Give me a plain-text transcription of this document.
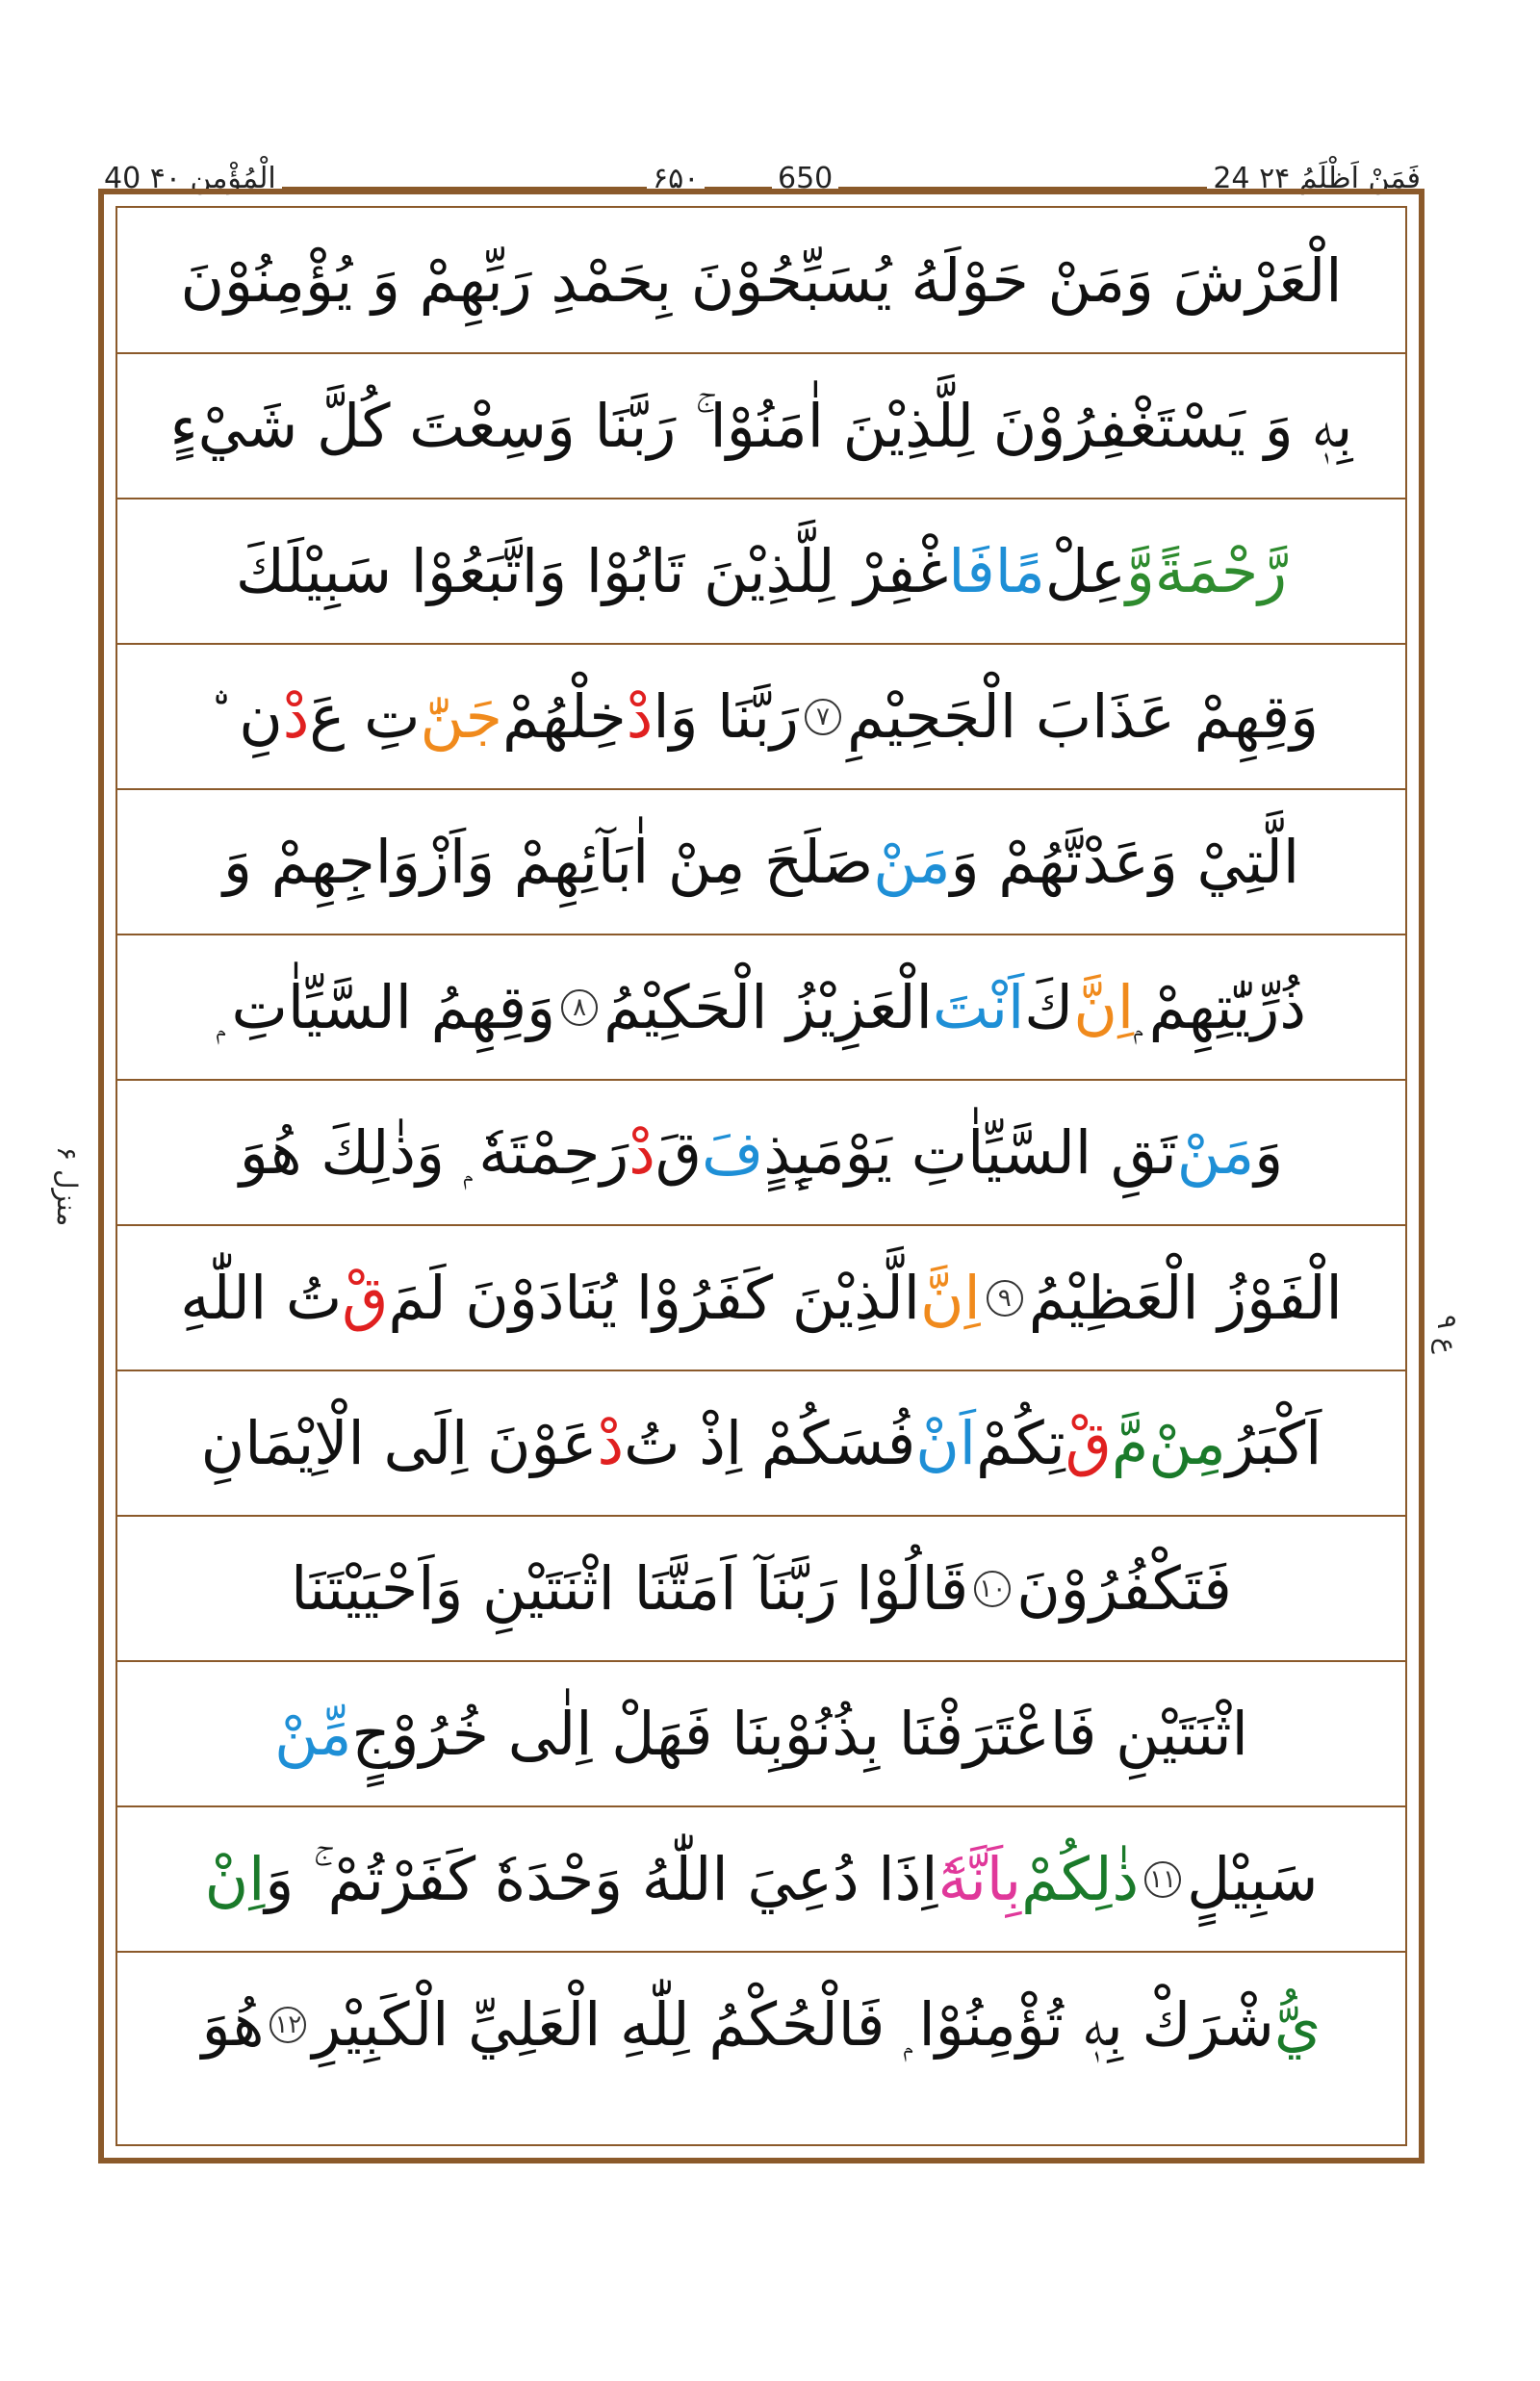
24 فَمَنْ اَظْلَمُ ۲۴
۶۵۰	650
40 الْمُؤْمِن ۴۰
منزل ۶
ع ۹
الْعَرْشَ وَمَنْ حَوْلَهُ يُسَبِّحُوْنَ بِحَمْدِ رَبِّهِمْ وَ يُؤْمِنُوْنَ
بِهٖ وَ يَسْتَغْفِرُوْنَ لِلَّذِيْنَ اٰمَنُوْا ۚ رَبَّنَا وَسِعْتَ كُلَّ شَيْءٍ
رَّحْمَةً
وَّ
عِلْ
مًا
فَا
غْفِرْ لِلَّذِيْنَ تَابُوْا وَاتَّبَعُوْا سَبِيْلَكَ
وَقِهِمْ عَذَابَ الْجَحِيْمِ
۷
رَبَّنَا وَا
دْ
خِلْهُمْ
جَنّٰ
تِ عَ
دْ
نِ ۨ
الَّتِيْ وَعَدْتَّهُمْ وَ
مَنْ
صَلَحَ مِنْ اٰبَآئِهِمْ وَاَزْوَاجِهِمْ وَ
ذُرِّيّٰتِهِمْ ۭ
اِنَّ
كَ
اَنْتَ
الْعَزِيْزُ الْحَكِيْمُ
۸
وَقِهِمُ السَّيِّاٰتِ ۭ
وَ
مَنْ
تَقِ السَّيِّاٰتِ يَوْمَىِٕذٍ
فَ
قَ
دْ
رَحِمْتَهٗ ۭ وَذٰلِكَ هُوَ
الْفَوْزُ الْعَظِيْمُ
۹
اِنَّ
الَّذِيْنَ كَفَرُوْا يُنَادَوْنَ لَمَ
قْ
تُ اللّٰهِ
اَكْبَرُ
مِنْ
مَّ
قْ
تِكُمْ
اَنْ
فُسَكُمْ اِذْ تُ
دْ
عَوْنَ اِلَى الْاِيْمَانِ
فَتَكْفُرُوْنَ
۱۰
قَالُوْا رَبَّنَآ اَمَتَّنَا اثْنَتَيْنِ وَاَحْيَيْتَنَا
اثْنَتَيْنِ فَاعْتَرَفْنَا بِذُنُوْبِنَا فَهَلْ اِلٰى خُرُوْجٍ
مِّنْ
سَبِيْلٍ
۱۱
ذٰلِكُمْ
بِاَنَّهٗٓ
اِذَا دُعِيَ اللّٰهُ وَحْدَهٗ كَفَرْتُمْ ۚ وَ
اِنْ
يُّ
شْرَكْ بِهٖ تُؤْمِنُوْا ۭ فَالْحُكْمُ لِلّٰهِ الْعَلِيِّ الْكَبِيْرِ
۱۲
هُوَ
